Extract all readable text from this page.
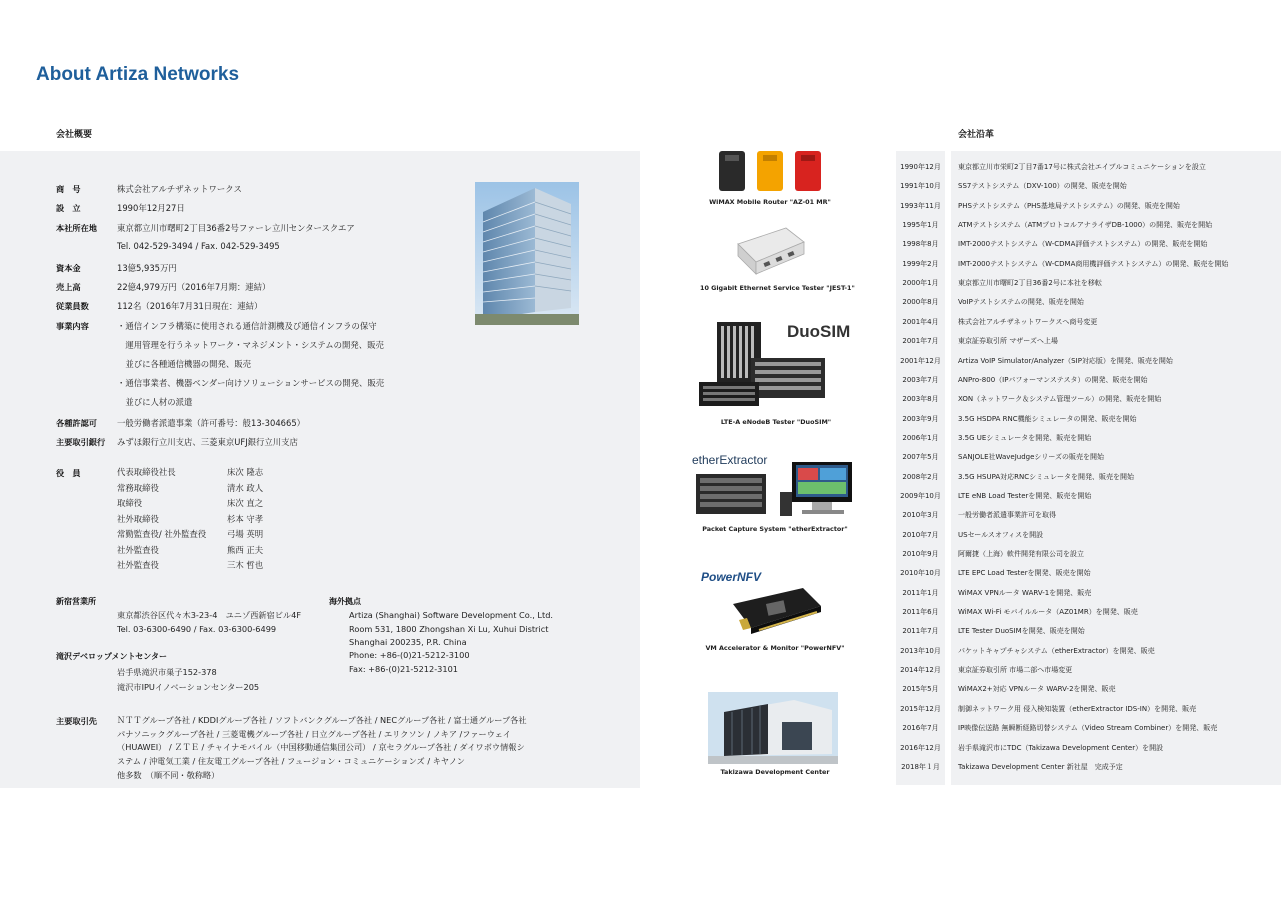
About Artiza Networks
会社概要	会社沿革
商　号	株式会社アルチザネットワークス
設　立	1990年12月27日
本社所在地 東京都立川市曙町2丁目36番2号ファーレ立川センタースクエア
Tel. 042-529-3494 / Fax. 042-529-3495
資本金	13億5,935万円
売上高	22億4,979万円（2016年7月期：連結）
従業員数	112名（2016年7月31日現在：連結）
事業内容	・通信インフラ構築に使用される通信計測機及び通信インフラの保守
　運用管理を行うネットワーク・マネジメント・システムの開発、販売
　並びに各種通信機器の開発、販売
・通信事業者、機器ベンダー向けソリューションサービスの開発、販売
　並びに人材の派遣
各種許認可 一般労働者派遣事業（許可番号：般13-304665）
主要取引銀行 みずほ銀行立川支店、三菱東京UFJ銀行立川支店
役　員	代表取締役社長	床次 隆志
常務取締役	清水 政人
取締役	床次 直之
社外取締役	杉本 守孝
常勤監査役/ 社外監査役 弓場 英明
社外監査役	熊西 正夫
社外監査役	三木 哲也
新宿営業所
東京都渋谷区代々木3-23-4　ユニゾ西新宿ビル4F
Tel. 03-6300-6490 / Fax. 03-6300-6499
滝沢デベロップメントセンター
岩手県滝沢市巣子152-378
滝沢市IPUイノベーションセンター205
海外拠点
Artiza (Shanghai) Software Development Co., Ltd.
Room 531, 1800 Zhongshan Xi Lu, Xuhui District
Shanghai 200235, P.R. China
Phone: +86-(0)21-5212-3100
Fax: +86-(0)21-5212-3101
主要取引先 ＮＴＴグループ各社 / KDDIグループ各社 / ソフトバンクグループ各社 / NECグループ各社 / 富士通グループ各社
パナソニックグループ各社 / 三菱電機グループ各社 / 日立グループ各社 / エリクソン / ノキア /ファーウェイ
（HUAWEI） / ＺＴＥ / チャイナモバイル（中国移動通信集団公司） / 京セラグループ各社 / ダイワボウ情報シ
ステム / 沖電気工業 / 住友電工グループ各社 / フュージョン・コミュニケーションズ / キヤノン
他多数　（順不同・敬称略）
WiMAX Mobile Router "AZ-01 MR"
10 Gigabit Ethernet Service Tester "JEST-1"
DuoSIM
LTE-A eNodeB Tester "DuoSIM"
etherExtractor
Packet Capture System "etherExtractor"
PowerNFV
VM Accelerator & Monitor "PowerNFV"
Takizawa Development Center
1990年12月	東京都立川市栄町2丁目7番17号に株式会社エイブルコミュニケーションを設立
1991年10月	SS7テストシステム（DXV-100）の開発、販売を開始
1993年11月	PHSテストシステム（PHS基地局テストシステム）の開発、販売を開始
1995年1月	ATMテストシステム（ATMプロトコルアナライザDB-1000）の開発、販売を開始
1998年8月	IMT-2000テストシステム（W-CDMA評価テストシステム）の開発、販売を開始
1999年2月	IMT-2000テストシステム（W-CDMA商用機評価テストシステム）の開発、販売を開始
2000年1月	東京都立川市曙町2丁目36番2号に本社を移転
2000年8月	VoIPテストシステムの開発、販売を開始
2001年4月	株式会社アルチザネットワークスへ商号変更
2001年7月	東京証券取引所 マザーズへ上場
2001年12月	Artiza VoIP Simulator/Analyzer（SIP対応版）を開発、販売を開始
2003年7月	ANPro-800（IPパフォーマンステスタ）の開発、販売を開始
2003年8月	XON（ネットワーク＆システム管理ツール）の開発、販売を開始
2003年9月	3.5G HSDPA RNC機能シミュレータの開発、販売を開始
2006年1月	3.5G UEシミュレータを開発、販売を開始
2007年5月	SANJOLE社WaveJudgeシリーズの販売を開始
2008年2月	3.5G HSUPA対応RNCシミュレータを開発、販売を開始
2009年10月	LTE eNB Load Testerを開発、販売を開始
2010年3月	一般労働者派遣事業許可を取得
2010年7月	USセールスオフィスを開設
2010年9月	阿爾捷（上海）軟件開発有限公司を設立
2010年10月	LTE EPC Load Testerを開発、販売を開始
2011年1月	WiMAX VPNルータ WARV-1を開発、販売
2011年6月	WiMAX Wi-Fi モバイルルータ（AZ01MR）を開発、販売
2011年7月	LTE Tester DuoSIMを開発、販売を開始
2013年10月	パケットキャプチャシステム（etherExtractor）を開発、販売
2014年12月	東京証券取引所 市場二部へ市場変更
2015年5月	WiMAX2+対応 VPNルータ WARV-2を開発、販売
2015年12月	制御ネットワーク用 侵入検知装置（etherExtractor IDS-IN）を開発、販売
2016年7月	IP映像伝送路 無瞬断経路切替システム（Video Stream Combiner）を開発、販売
2016年12月	岩手県滝沢市にTDC（Takizawa Development Center）を開設
2018年１月	Takizawa Development Center 新社屋　完成予定
